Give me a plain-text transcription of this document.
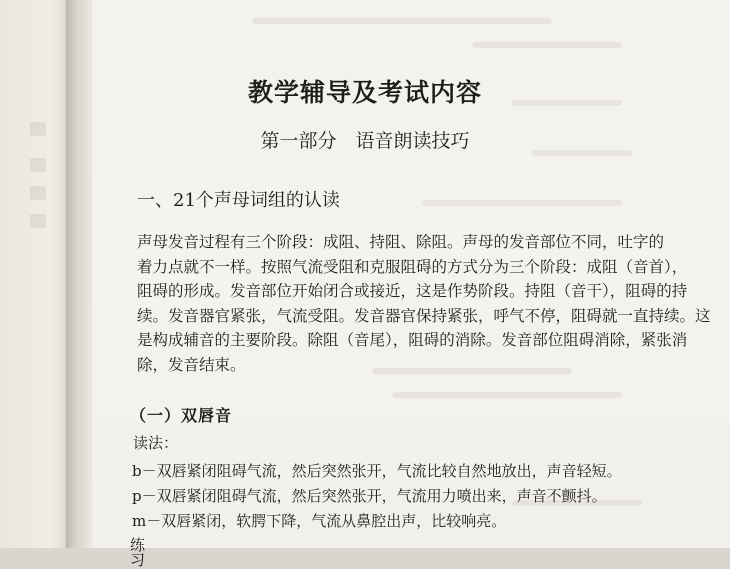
教学辅导及考试内容
第一部分　语音朗读技巧
一、21个声母词组的认读

声母发音过程有三个阶段：成阻、持阻、除阻。声母的发音部位不同，吐字的

着力点就不一样。按照气流受阻和克服阻碍的方式分为三个阶段：成阻（音首），

阻碍的形成。发音部位开始闭合或接近，这是作势阶段。持阻（音干），阻碍的持

续。发音器官紧张，气流受阻。发音器官保持紧张，呼气不停，阻碍就一直持续。这

是构成辅音的主要阶段。除阻（音尾），阻碍的消除。发音部位阻碍消除，紧张消

除，发音结束。

（一）双唇音
读法：
b－双唇紧闭阻碍气流，然后突然张开，气流比较自然地放出，声音轻短。
p－双唇紧闭阻碍气流，然后突然张开，气流用力喷出来，声音不颤抖。
m－双唇紧闭，软腭下降，气流从鼻腔出声，比较响亮。
练习
